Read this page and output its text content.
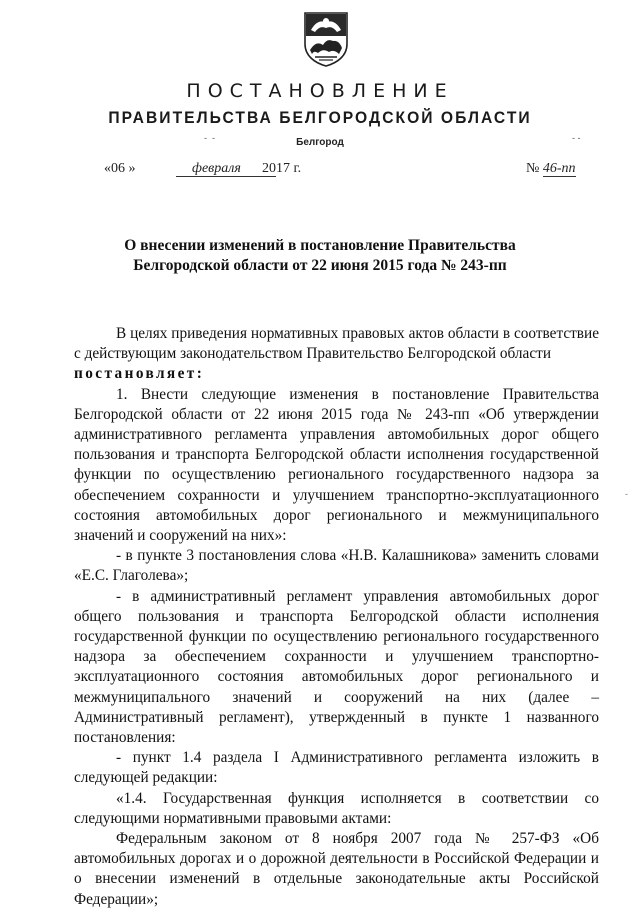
ПОСТАНОВЛЕНИЕ
ПРАВИТЕЛЬСТВА БЕЛГОРОДСКОЙ ОБЛАСТИ
-  -	Белгород	- -
«06 »	февраля	2017 г.	№ 46-пп
О внесении изменений в постановление Правительства
Белгородской области от 22 июня 2015 года № 243-пп

В целях приведения нормативных правовых актов области в соответствие с действующим законодательством Правительство Белгородской области

постановляет:

1. Внести следующие изменения в постановление Правительства Белгородской области от 22 июня 2015 года № 243-пп «Об утверждении административного регламента управления автомобильных дорог общего пользования и транспорта Белгородской области исполнения государственной функции по осуществлению регионального государственного надзора за обеспечением сохранности и улучшением транспортно-эксплуатационного состояния автомобильных дорог регионального и межмуниципального значений и сооружений на них»:

- в пункте 3 постановления слова «Н.В. Калашникова» заменить словами «Е.С. Глаголева»;

- в административный регламент управления автомобильных дорог общего пользования и транспорта Белгородской области исполнения государственной функции по осуществлению регионального государственного надзора за обеспечением сохранности и улучшением транспортно-эксплуатационного состояния автомобильных дорог регионального и межмуниципального значений и сооружений на них (далее – Административный регламент), утвержденный в пункте 1 названного постановления:

- пункт 1.4 раздела I Административного регламента изложить в следующей редакции:

«1.4. Государственная функция исполняется в соответствии со следующими нормативными правовыми актами:

Федеральным законом от 8 ноября 2007 года № 257-ФЗ «Об автомобильных дорогах и о дорожной деятельности в Российской Федерации и о внесении изменений в отдельные законодательные акты Российской Федерации»;

-
